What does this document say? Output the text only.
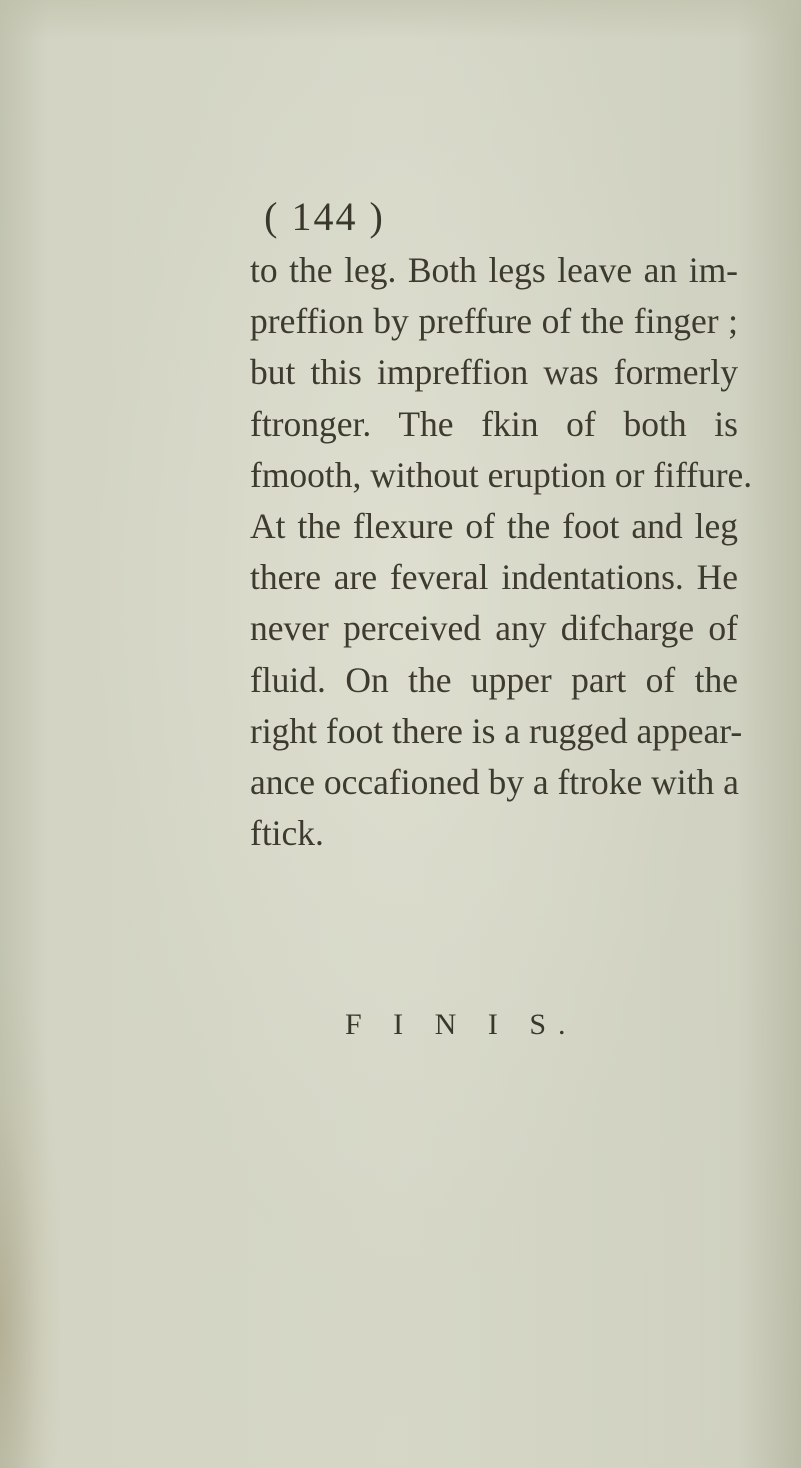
( 144 )
to the leg. Both legs leave an im-
preffion by preffure of the finger ;
but this impreffion was formerly
ftronger. The fkin of both is
fmooth, without eruption or fiffure.
At the flexure of the foot and leg
there are feveral indentations. He
never perceived any difcharge of
fluid. On the upper part of the
right foot there is a rugged appear-
ance occafioned by a ftroke with a
ftick.
F I N I S.
